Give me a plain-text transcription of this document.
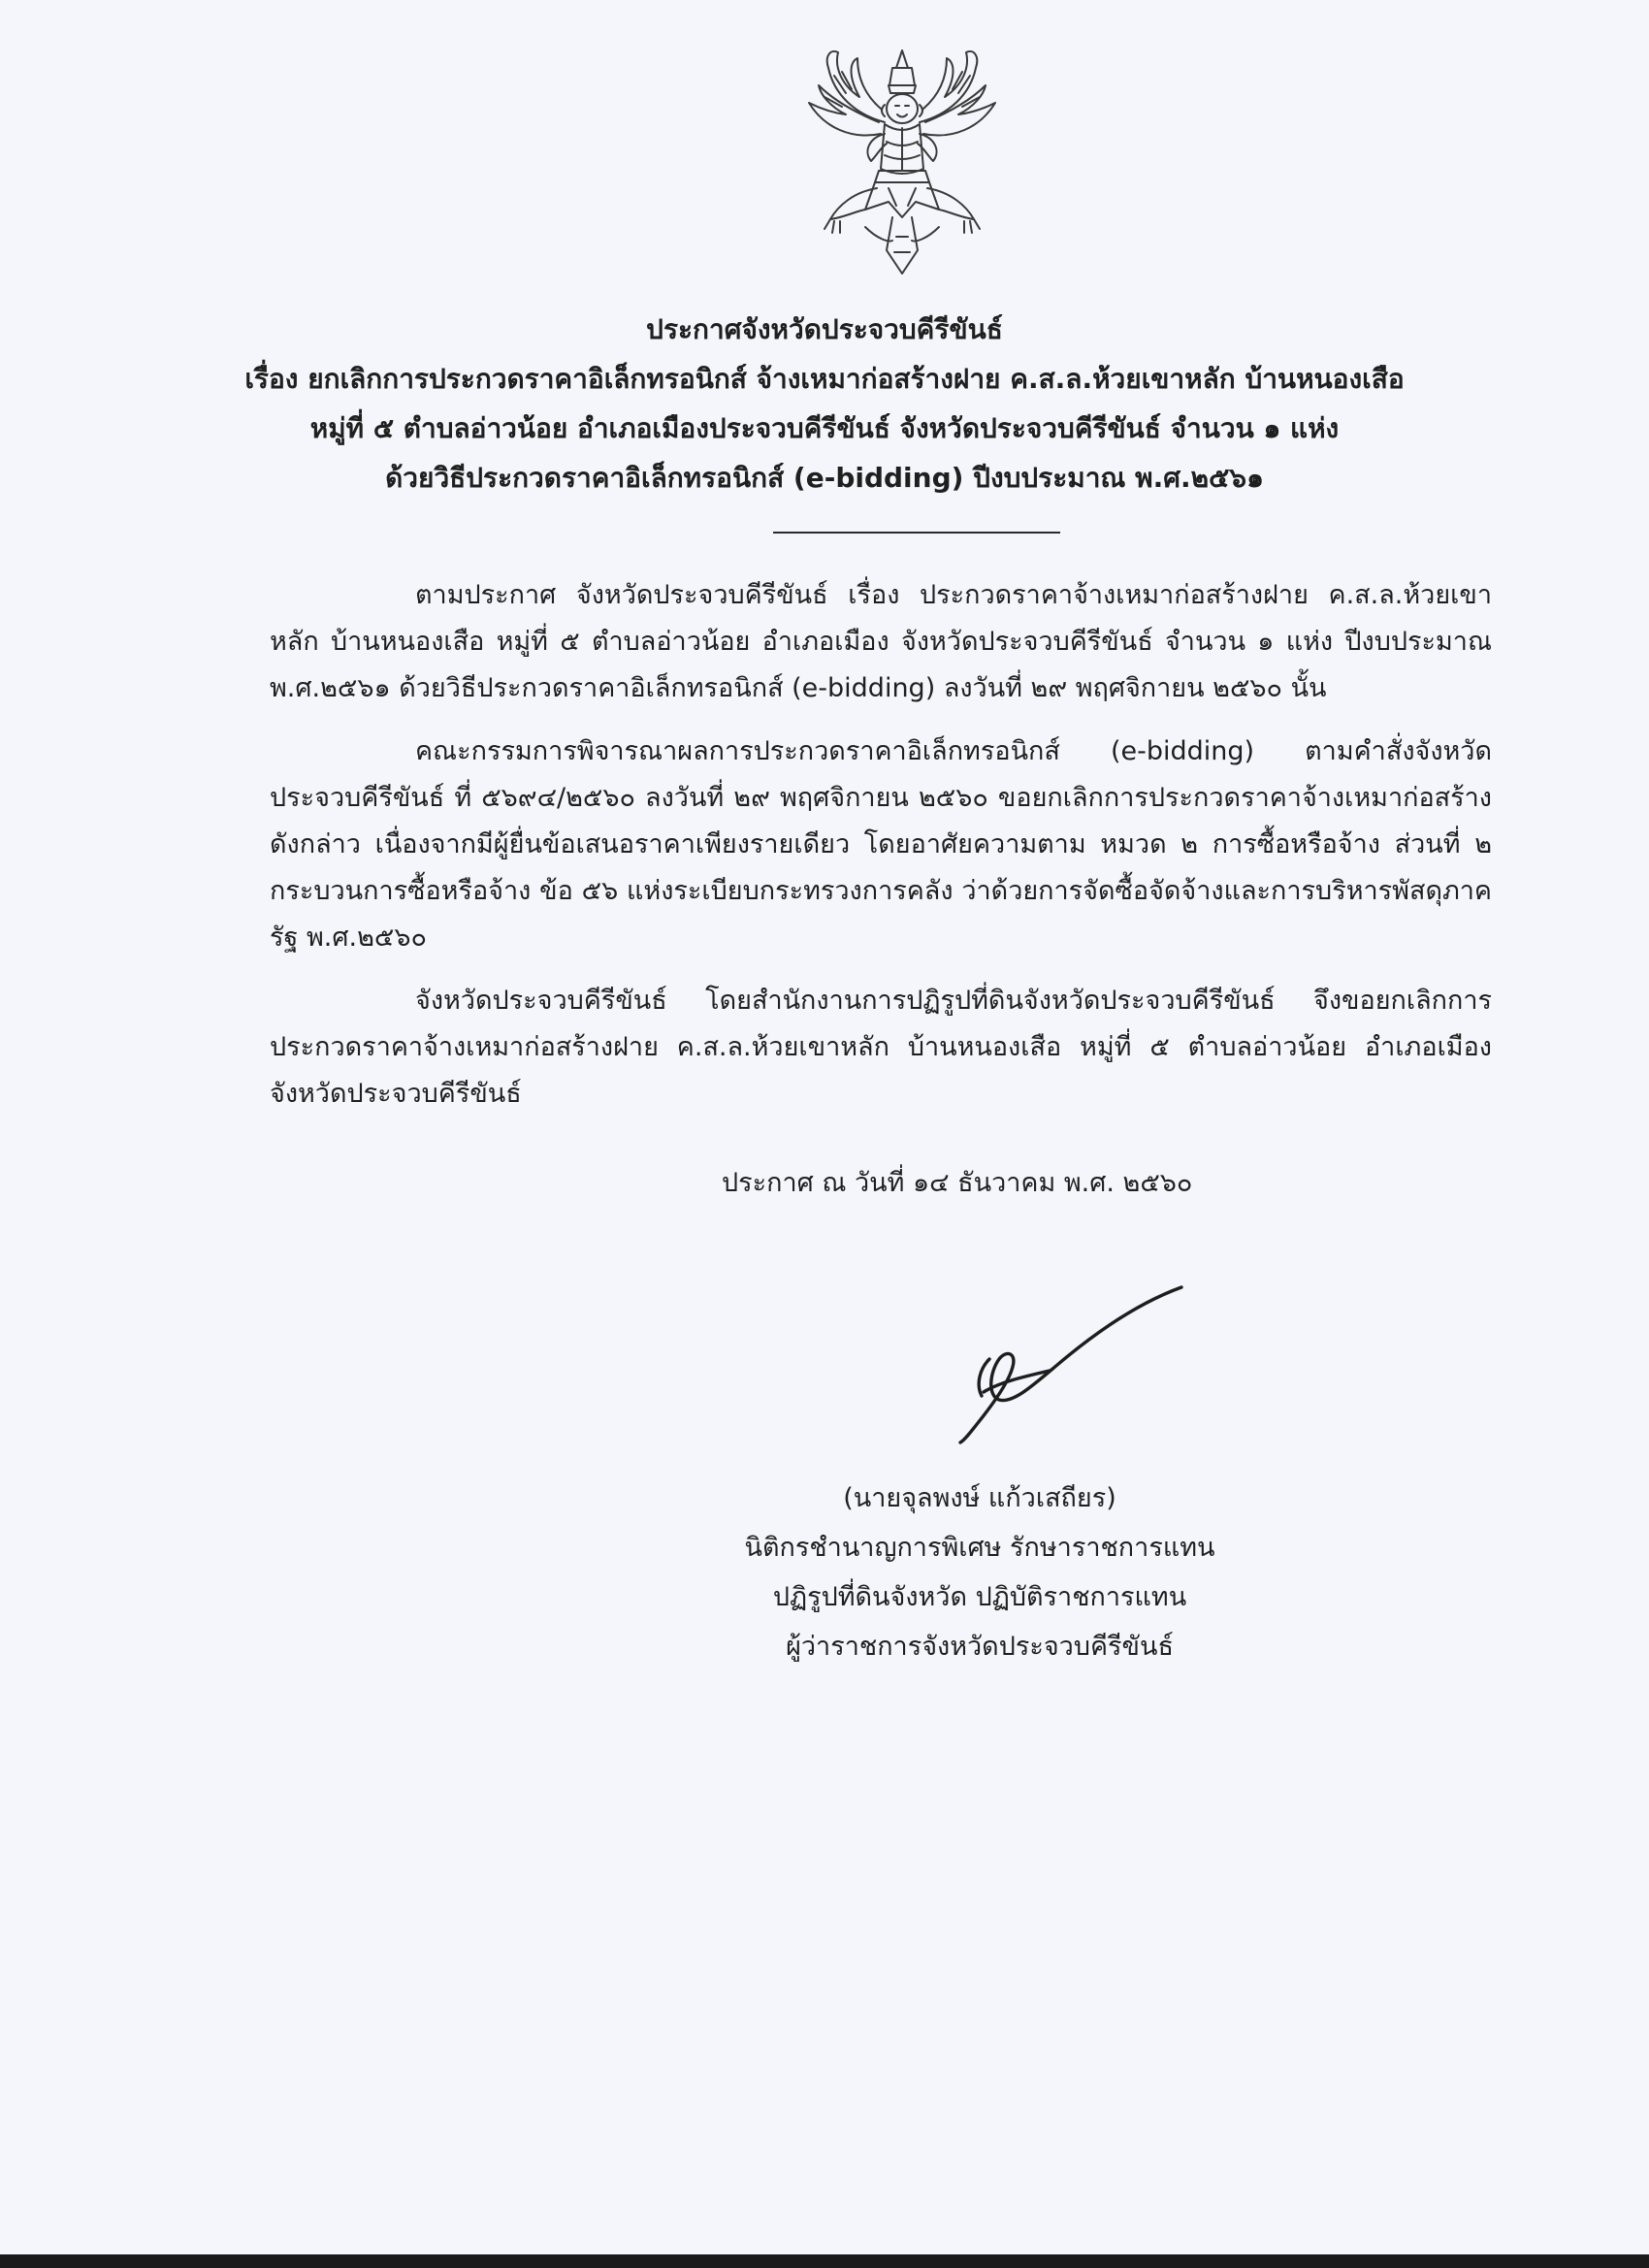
ประกาศจังหวัดประจวบคีรีขันธ์
เรื่อง ยกเลิกการประกวดราคาอิเล็กทรอนิกส์ จ้างเหมาก่อสร้างฝาย ค.ส.ล.ห้วยเขาหลัก บ้านหนองเสือ
หมู่ที่ ๕ ตำบลอ่าวน้อย อำเภอเมืองประจวบคีรีขันธ์ จังหวัดประจวบคีรีขันธ์ จำนวน ๑ แห่ง
ด้วยวิธีประกวดราคาอิเล็กทรอนิกส์ (e-bidding) ปีงบประมาณ พ.ศ.๒๕๖๑

ตามประกาศ จังหวัดประจวบคีรีขันธ์ เรื่อง ประกวดราคาจ้างเหมาก่อสร้างฝาย ค.ส.ล.ห้วยเขาหลัก บ้านหนองเสือ หมู่ที่ ๕ ตำบลอ่าวน้อย อำเภอเมือง จังหวัดประจวบคีรีขันธ์ จำนวน ๑ แห่ง ปีงบประมาณ พ.ศ.๒๕๖๑ ด้วยวิธีประกวดราคาอิเล็กทรอนิกส์ (e-bidding) ลงวันที่ ๒๙ พฤศจิกายน ๒๕๖๐ นั้น

คณะกรรมการพิจารณาผลการประกวดราคาอิเล็กทรอนิกส์ (e-bidding) ตามคำสั่งจังหวัดประจวบคีรีขันธ์ ที่ ๕๖๙๔/๒๕๖๐ ลงวันที่ ๒๙ พฤศจิกายน ๒๕๖๐ ขอยกเลิกการประกวดราคาจ้างเหมาก่อสร้างดังกล่าว เนื่องจากมีผู้ยื่นข้อเสนอราคาเพียงรายเดียว โดยอาศัยความตาม หมวด ๒ การซื้อหรือจ้าง ส่วนที่ ๒ กระบวนการซื้อหรือจ้าง ข้อ ๕๖ แห่งระเบียบกระทรวงการคลัง ว่าด้วยการจัดซื้อจัดจ้างและการบริหารพัสดุภาครัฐ พ.ศ.๒๕๖๐

จังหวัดประจวบคีรีขันธ์ โดยสำนักงานการปฏิรูปที่ดินจังหวัดประจวบคีรีขันธ์ จึงขอยกเลิกการประกวดราคาจ้างเหมาก่อสร้างฝาย ค.ส.ล.ห้วยเขาหลัก บ้านหนองเสือ หมู่ที่ ๕ ตำบลอ่าวน้อย อำเภอเมือง จังหวัดประจวบคีรีขันธ์

ประกาศ ณ วันที่ ๑๔ ธันวาคม พ.ศ. ๒๕๖๐
(นายจุลพงษ์ แก้วเสถียร)
นิติกรชำนาญการพิเศษ รักษาราชการแทน
ปฏิรูปที่ดินจังหวัด ปฏิบัติราชการแทน
ผู้ว่าราชการจังหวัดประจวบคีรีขันธ์
